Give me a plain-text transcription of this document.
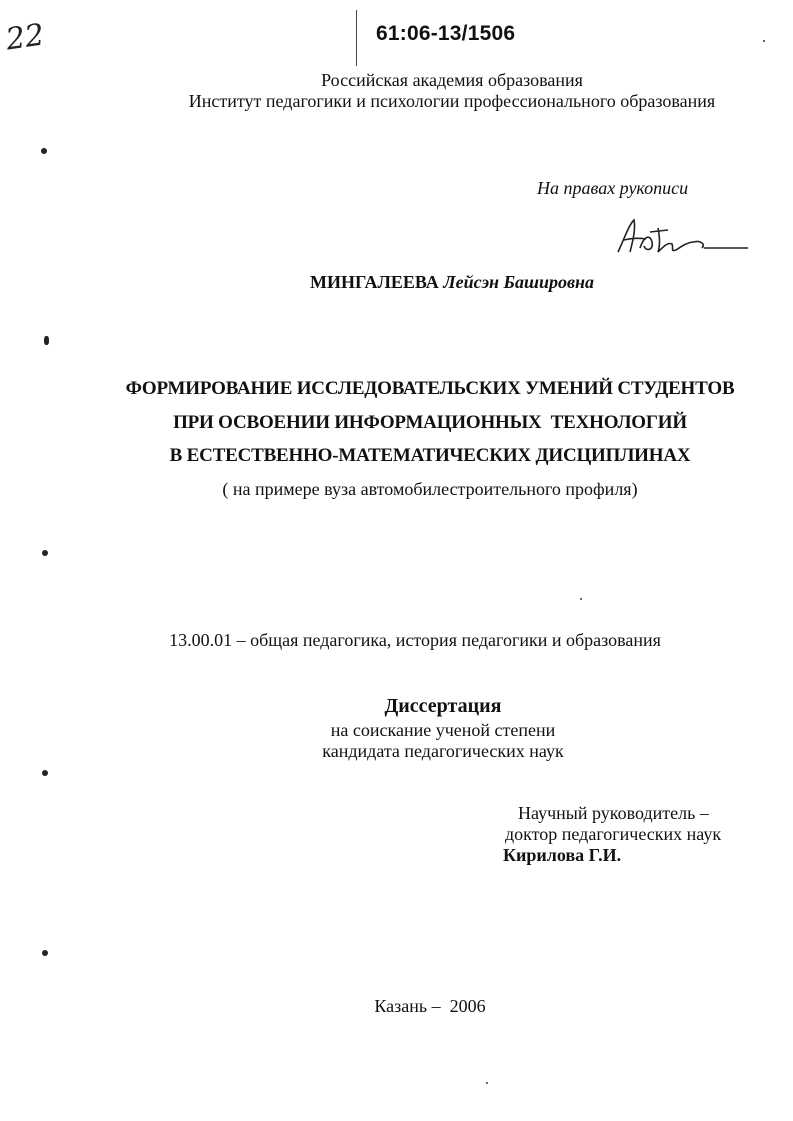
22	61:06-13/1506
Российская академия образования
Институт педагогики и психологии профессионального образования
На правах рукописи
МИНГАЛЕЕВА Лейсэн Башировна
ФОРМИРОВАНИЕ ИССЛЕДОВАТЕЛЬСКИХ УМЕНИЙ СТУДЕНТОВ
ПРИ ОСВОЕНИИ ИНФОРМАЦИОННЫХ  ТЕХНОЛОГИЙ
В ЕСТЕСТВЕННО-МАТЕМАТИЧЕСКИХ ДИСЦИПЛИНАХ
( на примере вуза автомобилестроительного профиля)
13.00.01 – общая педагогика, история педагогики и образования
Диссертация
на соискание ученой степени
кандидата педагогических наук
Научный руководитель –
доктор педагогических наук
Кирилова Г.И.
Казань –  2006
